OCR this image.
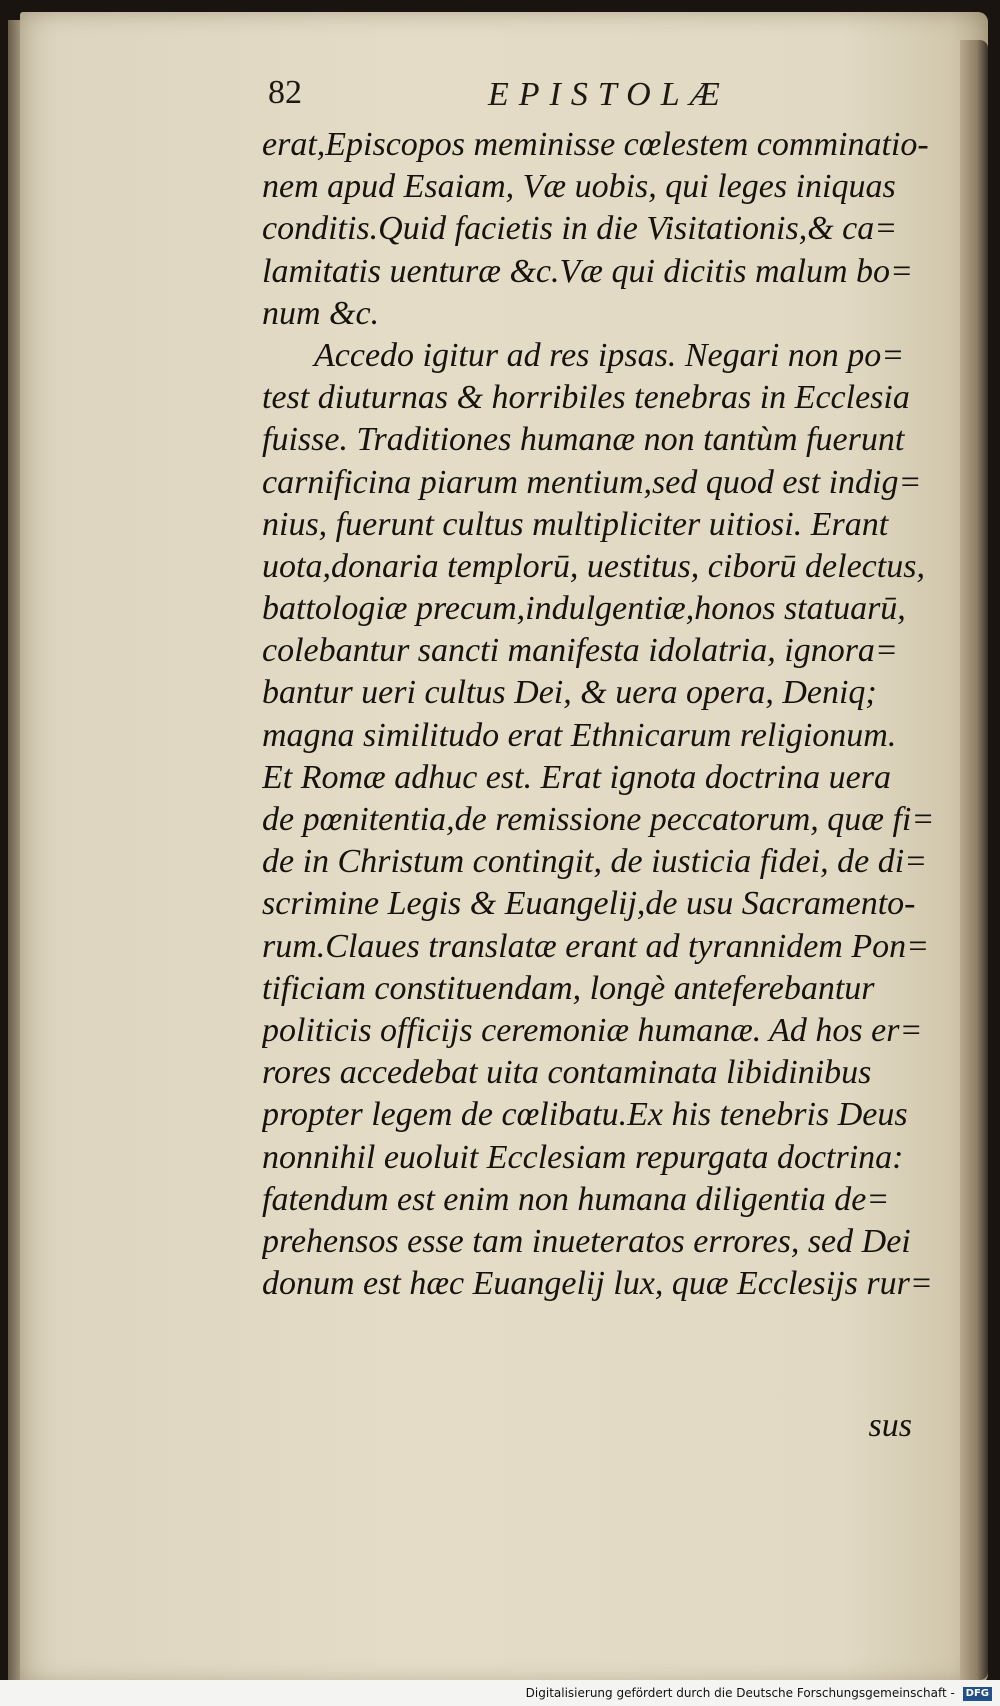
82	EPISTOLÆ
erat,Episcopos meminisse cœlestem comminatio-
nem apud Esaiam, Væ uobis, qui leges iniquas
conditis.Quid facietis in die Visitationis,& ca=
lamitatis uenturæ &c.Væ qui dicitis malum bo=
num &c.
Accedo igitur ad res ipsas. Negari non po=
test diuturnas & horribiles tenebras in Ecclesia
fuisse. Traditiones humanæ non tantùm fuerunt
carnificina piarum mentium,sed quod est indig=
nius, fuerunt cultus multipliciter uitiosi. Erant
uota,donaria templorū, uestitus, ciborū delectus,
battologiæ precum,indulgentiæ,honos statuarū,
colebantur sancti manifesta idolatria, ignora=
bantur ueri cultus Dei, & uera opera, Deniq;
magna similitudo erat Ethnicarum religionum.
Et Romæ adhuc est. Erat ignota doctrina uera
de pœnitentia,de remissione peccatorum, quæ fi=
de in Christum contingit, de iusticia fidei, de di=
scrimine Legis & Euangelij,de usu Sacramento-
rum.Claues translatæ erant ad tyrannidem Pon=
tificiam constituendam, longè anteferebantur
politicis officijs ceremoniæ humanæ. Ad hos er=
rores accedebat uita contaminata libidinibus
propter legem de cœlibatu.Ex his tenebris Deus
nonnihil euoluit Ecclesiam repurgata doctrina:
fatendum est enim non humana diligentia de=
prehensos esse tam inueteratos errores, sed Dei
donum est hæc Euangelij lux, quæ Ecclesijs rur=
sus
Digitalisierung gefördert durch die Deutsche Forschungsgemeinschaft - DFG
